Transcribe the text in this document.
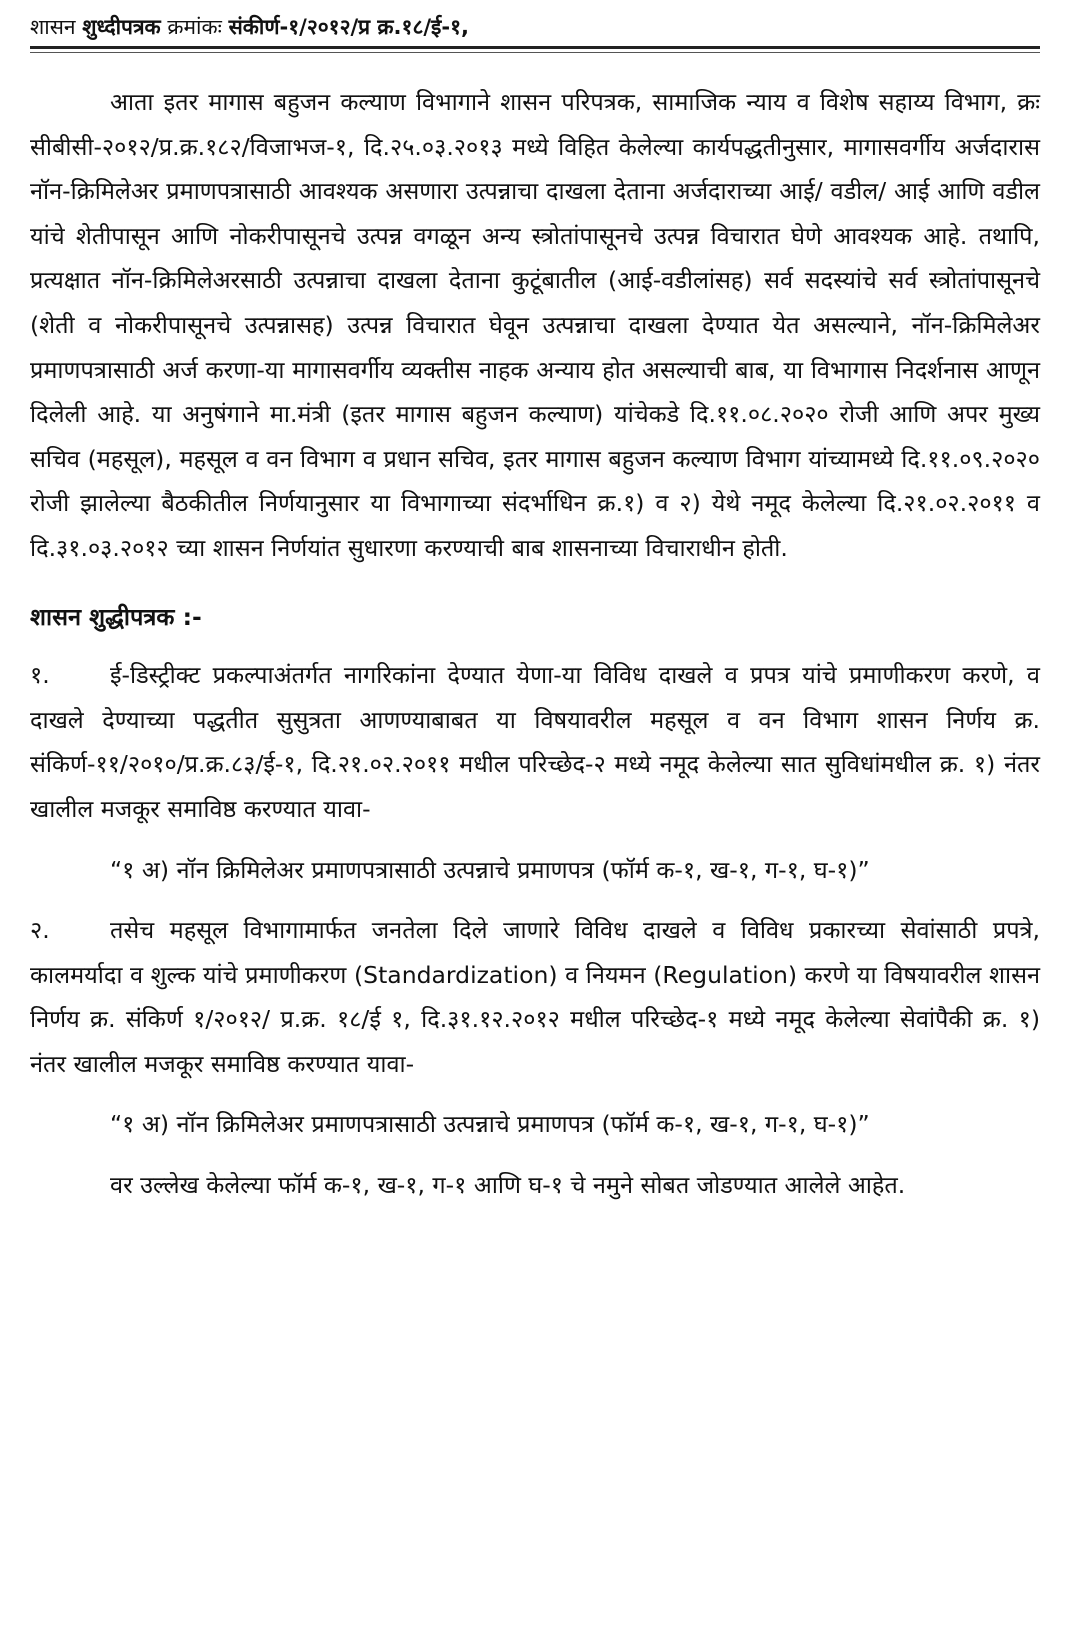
शासन शुध्दीपत्रक क्रमांकः संकीर्ण-१/२०१२/प्र क्र.१८/ई-१,

आता इतर मागास बहुजन कल्याण विभागाने शासन परिपत्रक, सामाजिक न्याय व विशेष सहाय्य विभाग, क्रः सीबीसी-२०१२/प्र.क्र.१८२/विजाभज-१, दि.२५.०३.२०१३ मध्ये विहित केलेल्या कार्यपद्धतीनुसार, मागासवर्गीय अर्जदारास नॉन-क्रिमिलेअर प्रमाणपत्रासाठी आवश्यक असणारा उत्पन्नाचा दाखला देताना अर्जदाराच्या आई/ वडील/ आई आणि वडील यांचे शेतीपासून आणि नोकरीपासूनचे उत्पन्न वगळून अन्य स्त्रोतांपासूनचे उत्पन्न विचारात घेणे आवश्यक आहे. तथापि, प्रत्यक्षात नॉन-क्रिमिलेअरसाठी उत्पन्नाचा दाखला देताना कुटूंबातील (आई-वडीलांसह) सर्व सदस्यांचे सर्व स्त्रोतांपासूनचे (शेती व नोकरीपासूनचे उत्पन्नासह) उत्पन्न विचारात घेवून उत्पन्नाचा दाखला देण्यात येत असल्याने, नॉन-क्रिमिलेअर प्रमाणपत्रासाठी अर्ज करणा-या मागासवर्गीय व्यक्तीस नाहक अन्याय होत असल्याची बाब, या विभागास निदर्शनास आणून दिलेली आहे. या अनुषंगाने मा.मंत्री (इतर मागास बहुजन कल्याण) यांचेकडे दि.११.०८.२०२० रोजी आणि अपर मुख्य सचिव (महसूल), महसूल व वन विभाग व प्रधान सचिव, इतर मागास बहुजन कल्याण विभाग यांच्यामध्ये दि.११.०९.२०२० रोजी झालेल्या बैठकीतील निर्णयानुसार या विभागाच्या संदर्भाधिन क्र.१) व २) येथे नमूद केलेल्या दि.२१.०२.२०११ व दि.३१.०३.२०१२ च्या शासन निर्णयांत सुधारणा करण्याची बाब शासनाच्या विचाराधीन होती.

शासन शुद्धीपत्रक :-

१.	ई-डिस्ट्रीक्ट प्रकल्पाअंतर्गत नागरिकांना देण्यात येणा-या विविध दाखले व प्रपत्र यांचे प्रमाणीकरण करणे, व दाखले देण्याच्या पद्धतीत सुसुत्रता आणण्याबाबत या विषयावरील महसूल व वन विभाग शासन निर्णय क्र. संकिर्ण-११/२०१०/प्र.क्र.८३/ई-१, दि.२१.०२.२०११ मधील परिच्छेद-२ मध्ये नमूद केलेल्या सात सुविधांमधील क्र. १) नंतर खालील मजकूर समाविष्ठ करण्यात यावा-

“१ अ) नॉन क्रिमिलेअर प्रमाणपत्रासाठी उत्पन्नाचे प्रमाणपत्र (फॉर्म क-१, ख-१, ग-१, घ-१)”

२.	तसेच महसूल विभागामार्फत जनतेला दिले जाणारे विविध दाखले व विविध प्रकारच्या सेवांसाठी प्रपत्रे, कालमर्यादा व शुल्क यांचे प्रमाणीकरण (Standardization) व नियमन (Regulation) करणे या विषयावरील शासन निर्णय क्र. संकिर्ण १/२०१२/ प्र.क्र. १८/ई १, दि.३१.१२.२०१२ मधील परिच्छेद-१ मध्ये नमूद केलेल्या सेवांपैकी क्र. १) नंतर खालील मजकूर समाविष्ठ करण्यात यावा-

“१ अ) नॉन क्रिमिलेअर प्रमाणपत्रासाठी उत्पन्नाचे प्रमाणपत्र (फॉर्म क-१, ख-१, ग-१, घ-१)”

वर उल्लेख केलेल्या फॉर्म क-१, ख-१, ग-१ आणि घ-१ चे नमुने सोबत जोडण्यात आलेले आहेत.
